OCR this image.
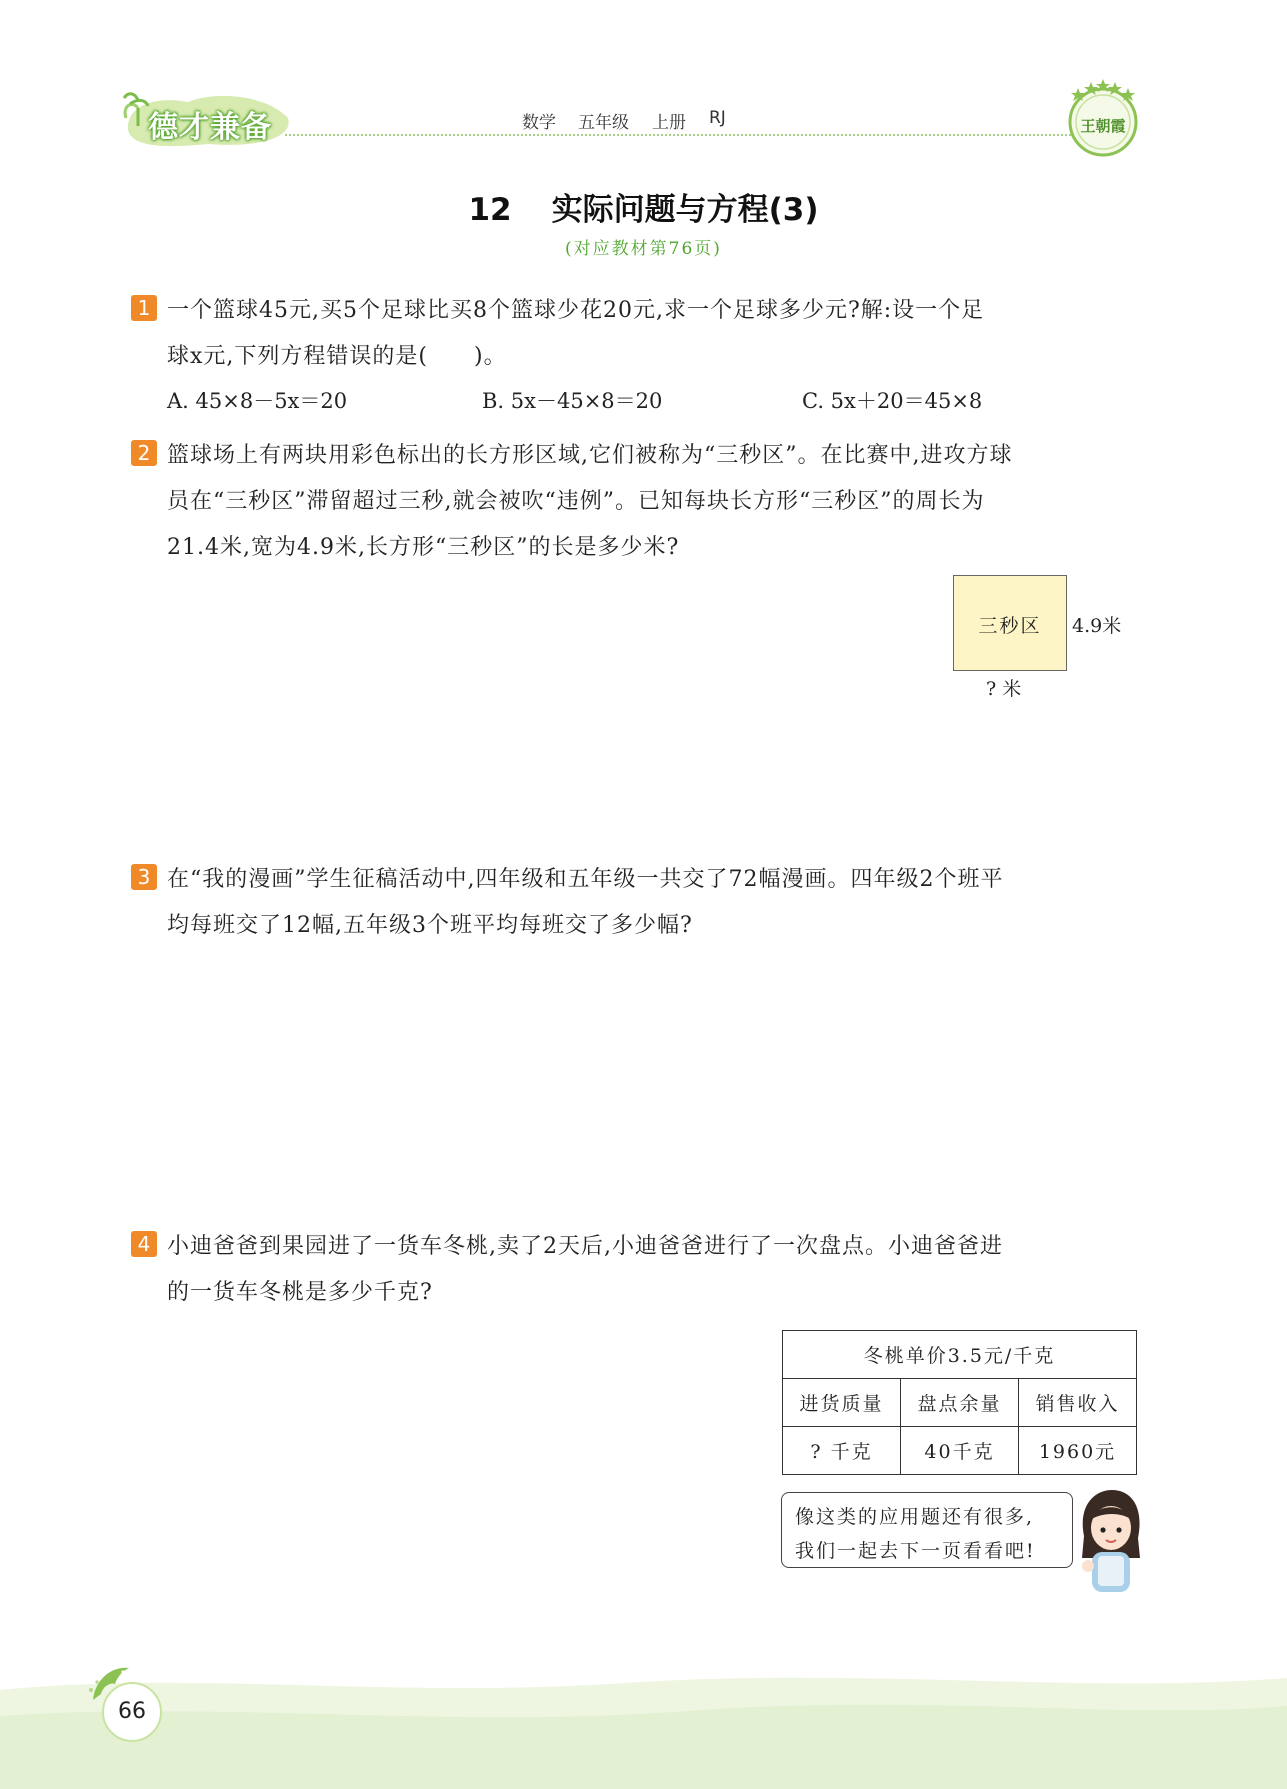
德才兼备	数学 五年级 上册 RJ	王朝霞
12 实际问题与方程(3)
(对应教材第76页)
1 一个篮球45元,买5个足球比买8个篮球少花20元,求一个足球多少元?解:设一个足
球x元,下列方程错误的是(　　)。
A. 45×8－5x＝20	B. 5x－45×8＝20	C. 5x＋20＝45×8
2 篮球场上有两块用彩色标出的长方形区域,它们被称为“三秒区”。在比赛中,进攻方球
员在“三秒区”滞留超过三秒,就会被吹“违例”。已知每块长方形“三秒区”的周长为
21.4米,宽为4.9米,长方形“三秒区”的长是多少米?
三秒区	4.9米
? 米
3 在“我的漫画”学生征稿活动中,四年级和五年级一共交了72幅漫画。四年级2个班平
均每班交了12幅,五年级3个班平均每班交了多少幅?
4 小迪爸爸到果园进了一货车冬桃,卖了2天后,小迪爸爸进行了一次盘点。小迪爸爸进
的一货车冬桃是多少千克?
冬桃单价3.5元/千克		
进货质量	盘点余量	销售收入
? 千克	40千克	1960元
像这类的应用题还有很多,
我们一起去下一页看看吧!
66
